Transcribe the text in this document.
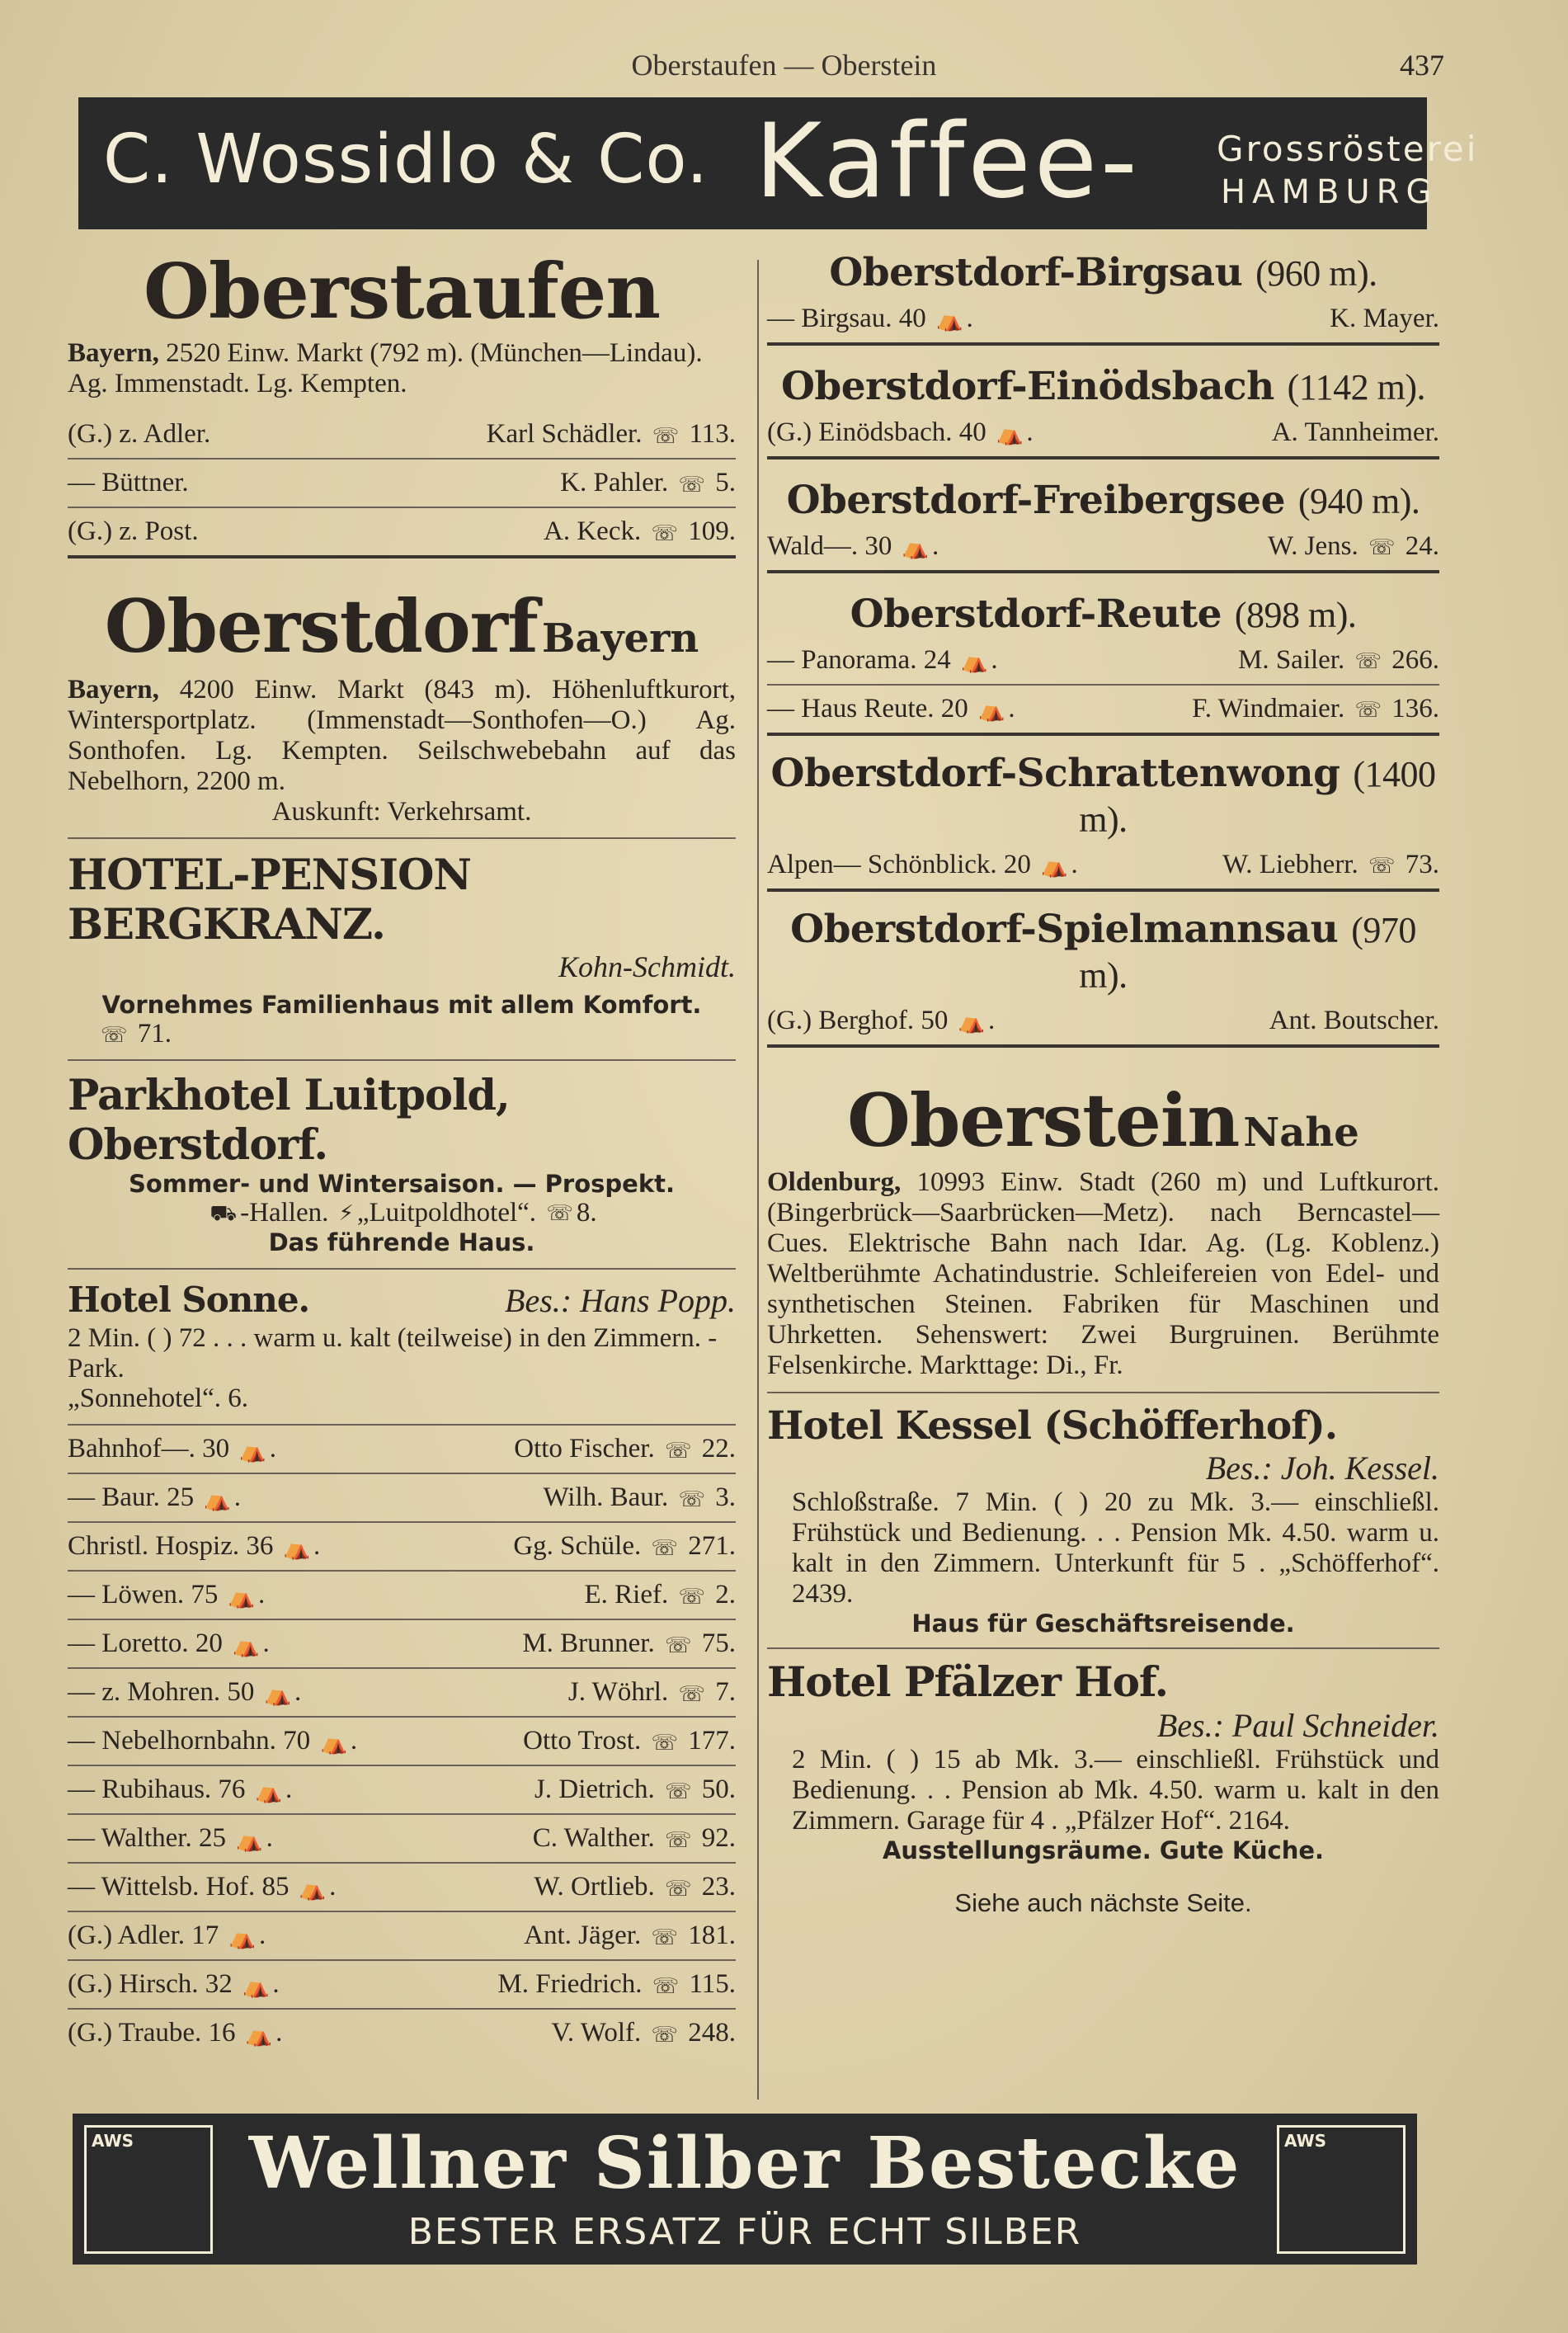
Oberstaufen — Oberstein	437
C. Wossidlo & Co. Kaffee- Grossrösterei
HAMBURG
Oberstaufen
Bayern, 2520 Einw. Markt (792 m). (München—Lindau). Ag. Immenstadt. Lg. Kempten.
(G.) z. Adler.	Karl Schädler. ☏ 113.
— Büttner.	K. Pahler. ☏ 5.
(G.) z. Post.	A. Keck. ☏ 109.
Oberstdorf Bayern
Bayern, 4200 Einw. Markt (843 m). Höhenluftkurort, Wintersportplatz. (Immenstadt—Sonthofen—O.) Ag. Sonthofen. Lg. Kempten. Seilschwebebahn auf das Nebelhorn, 2200 m.
Auskunft: Verkehrsamt.
HOTEL-PENSION BERGKRANZ.
Kohn-Schmidt.
Vornehmes Familienhaus mit allem Komfort.
☏ 71.
Parkhotel Luitpold, Oberstdorf.
Sommer- und Wintersaison. — Prospekt.
⛟ -Hallen. ⚡ „Luitpoldhotel“. ☏ 8.
Das führende Haus.
Hotel Sonne.	Bes.: Hans Popp.
2 Min. ( ) 72 . . . warm u. kalt (teilweise) in den Zimmern. -Park.
„Sonnehotel“. 6.
Bahnhof—. 30 ⛺ .	Otto Fischer. ☏ 22.
— Baur. 25 ⛺ .	Wilh. Baur. ☏ 3.
Christl. Hospiz. 36 ⛺ .	Gg. Schüle. ☏ 271.
— Löwen. 75 ⛺ .	E. Rief. ☏ 2.
— Loretto. 20 ⛺ .	M. Brunner. ☏ 75.
— z. Mohren. 50 ⛺ .	J. Wöhrl. ☏ 7.
— Nebelhornbahn. 70 ⛺ .	Otto Trost. ☏ 177.
— Rubihaus. 76 ⛺ .	J. Dietrich. ☏ 50.
— Walther. 25 ⛺ .	C. Walther. ☏ 92.
— Wittelsb. Hof. 85 ⛺ .	W. Ortlieb. ☏ 23.
(G.) Adler. 17 ⛺ .	Ant. Jäger. ☏ 181.
(G.) Hirsch. 32 ⛺ .	M. Friedrich. ☏ 115.
(G.) Traube. 16 ⛺ .	V. Wolf. ☏ 248.
Oberstdorf-Birgsau (960 m).
— Birgsau. 40 ⛺ .	K. Mayer.
Oberstdorf-Einödsbach (1142 m).
(G.) Einödsbach. 40 ⛺ .	A. Tannheimer.
Oberstdorf-Freibergsee (940 m).
Wald—. 30 ⛺ .	W. Jens. ☏ 24.
Oberstdorf-Reute (898 m).
— Panorama. 24 ⛺ .	M. Sailer. ☏ 266.
— Haus Reute. 20 ⛺ .	F. Windmaier. ☏ 136.
Oberstdorf-Schrattenwong (1400 m).
Alpen— Schönblick. 20 ⛺ .	W. Liebherr. ☏ 73.
Oberstdorf-Spielmannsau (970 m).
(G.) Berghof. 50 ⛺ .	Ant. Boutscher.
Oberstein Nahe
Oldenburg, 10993 Einw. Stadt (260 m) und Luftkurort. (Bingerbrück—Saarbrücken—Metz). nach Berncastel—Cues. Elektrische Bahn nach Idar. Ag. (Lg. Koblenz.) Weltberühmte Achatindustrie. Schleifereien von Edel- und synthetischen Steinen. Fabriken für Maschinen und Uhrketten. Sehenswert: Zwei Burgruinen. Berühmte Felsenkirche. Markttage: Di., Fr.
Hotel Kessel (Schöfferhof).
Bes.: Joh. Kessel.
Schloßstraße. 7 Min. ( ) 20 zu Mk. 3.— einschließl. Frühstück und Bedienung. . . Pension Mk. 4.50. warm u. kalt in den Zimmern. Unterkunft für 5 . „Schöfferhof“. 2439.
Haus für Geschäftsreisende.
Hotel Pfälzer Hof.
Bes.: Paul Schneider.
2 Min. ( ) 15 ab Mk. 3.— einschließl. Frühstück und Bedienung. . . Pension ab Mk. 4.50. warm u. kalt in den Zimmern. Garage für 4 . „Pfälzer Hof“. 2164.
Ausstellungsräume. Gute Küche.
Siehe auch nächste Seite.
AWS	AWS
Wellner Silber Bestecke
BESTER ERSATZ FÜR ECHT SILBER
